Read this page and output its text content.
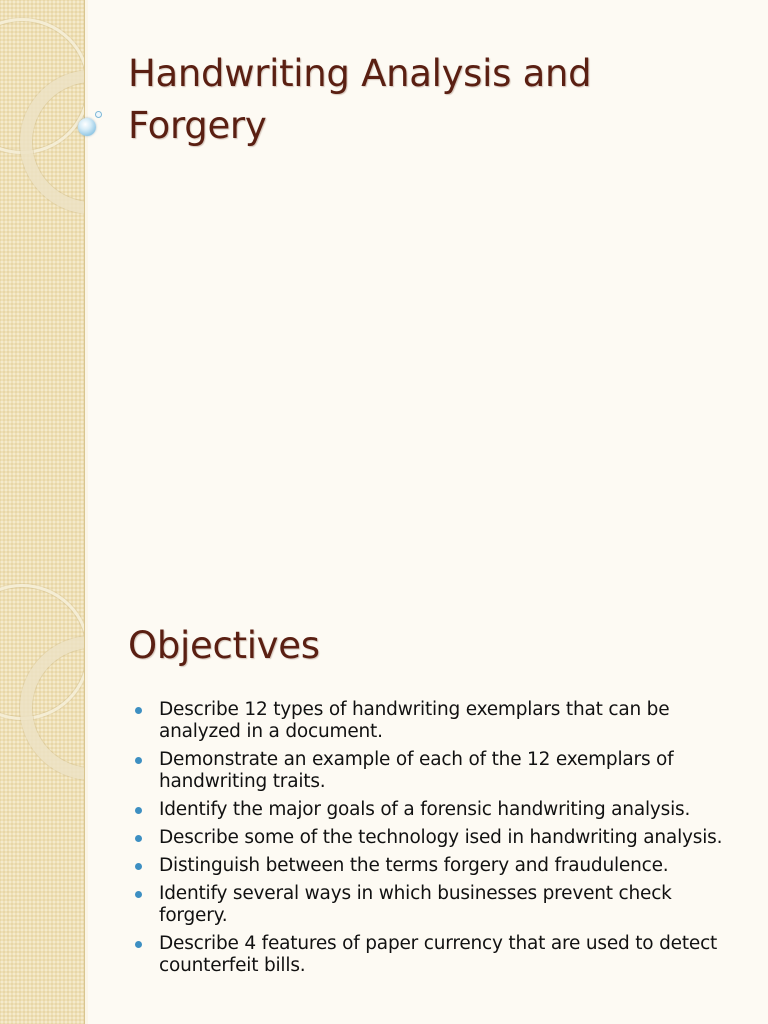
Handwriting Analysis and Forgery
Objectives
Describe 12 types of handwriting exemplars that can be analyzed in a document.
Demonstrate an example of each of the 12 exemplars of handwriting traits.
Identify the major goals of a forensic handwriting analysis.
Describe some of the technology ised in handwriting analysis.
Distinguish between the terms forgery and fraudulence.
Identify several ways in which businesses prevent check forgery.
Describe 4 features of paper currency that are used to detect counterfeit bills.
